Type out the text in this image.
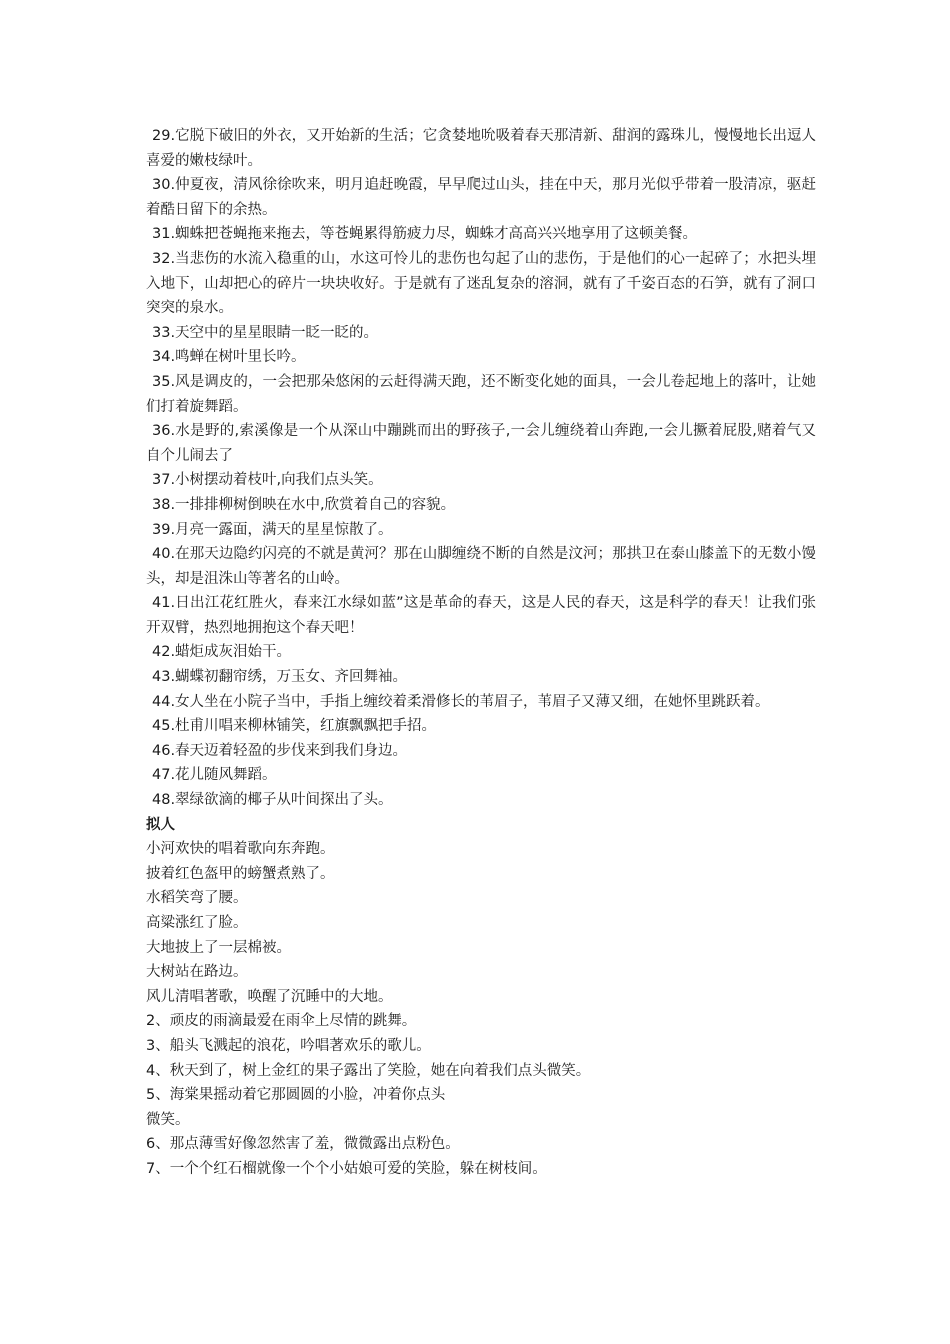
29.它脱下破旧的外衣，又开始新的生活；它贪婪地吮吸着春天那清新、甜润的露珠儿，慢慢地长出逗人喜爱的嫩枝绿叶。

30.仲夏夜，清风徐徐吹来，明月追赶晚霞，早早爬过山头，挂在中天，那月光似乎带着一股清凉，驱赶着酷日留下的余热。

31.蜘蛛把苍蝇拖来拖去，等苍蝇累得筋疲力尽，蜘蛛才高高兴兴地享用了这顿美餐。

32.当悲伤的水流入稳重的山，水这可怜儿的悲伤也勾起了山的悲伤，于是他们的心一起碎了；水把头埋入地下，山却把心的碎片一块块收好。于是就有了迷乱复杂的溶洞，就有了千姿百态的石笋，就有了洞口突突的泉水。

33.天空中的星星眼睛一眨一眨的。

34.鸣蝉在树叶里长吟。

35.风是调皮的，一会把那朵悠闲的云赶得满天跑，还不断变化她的面具，一会儿卷起地上的落叶，让她们打着旋舞蹈。

36.水是野的,索溪像是一个从深山中蹦跳而出的野孩子,一会儿缠绕着山奔跑,一会儿撅着屁股,赌着气又自个儿闹去了

37.小树摆动着枝叶,向我们点头笑。

38.一排排柳树倒映在水中,欣赏着自己的容貌。

39.月亮一露面，满天的星星惊散了。

40.在那天边隐约闪亮的不就是黄河？那在山脚缠绕不断的自然是汶河；那拱卫在泰山膝盖下的无数小馒头，却是沮洙山等著名的山岭。

41.日出江花红胜火，春来江水绿如蓝”这是革命的春天，这是人民的春天，这是科学的春天！让我们张开双臂，热烈地拥抱这个春天吧！

42.蜡炬成灰泪始干。

43.蝴蝶初翻帘绣，万玉女、齐回舞袖。

44.女人坐在小院子当中，手指上缠绞着柔滑修长的苇眉子，苇眉子又薄又细，在她怀里跳跃着。

45.杜甫川唱来柳林铺笑，红旗飘飘把手招。

46.春天迈着轻盈的步伐来到我们身边。

47.花儿随风舞蹈。

48.翠绿欲滴的椰子从叶间探出了头。

拟人

小河欢快的唱着歌向东奔跑。

披着红色盔甲的螃蟹煮熟了。

水稻笑弯了腰。

高粱涨红了脸。

大地披上了一层棉被。

大树站在路边。

风儿清唱著歌，唤醒了沉睡中的大地。

2、顽皮的雨滴最爱在雨伞上尽情的跳舞。

3、船头飞溅起的浪花，吟唱著欢乐的歌儿。

4、秋天到了，树上金红的果子露出了笑脸，她在向着我们点头微笑。

5、海棠果摇动着它那圆圆的小脸，冲着你点头

微笑。

6、那点薄雪好像忽然害了羞，微微露出点粉色。

7、一个个红石榴就像一个个小姑娘可爱的笑脸，躲在树枝间。
